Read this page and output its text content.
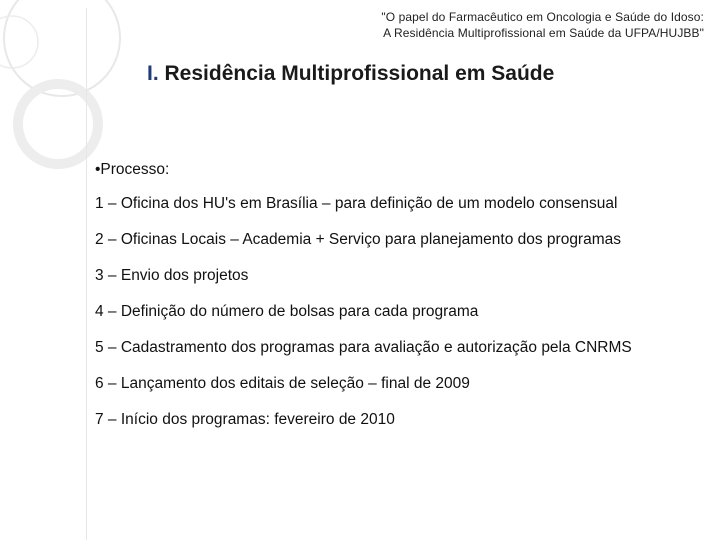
"O papel do Farmacêutico em Oncologia e Saúde do Idoso:
A Residência Multiprofissional em Saúde da UFPA/HUJBB"
I. Residência Multiprofissional em Saúde

•Processo:

1 – Oficina dos HU's em Brasília – para definição de um modelo consensual

2 – Oficinas Locais – Academia + Serviço para planejamento dos programas

3 – Envio dos projetos

4 – Definição do número de bolsas para cada programa

5 – Cadastramento dos programas para avaliação e autorização pela CNRMS

6 – Lançamento dos editais de seleção – final de 2009

7 – Início dos programas: fevereiro de 2010
